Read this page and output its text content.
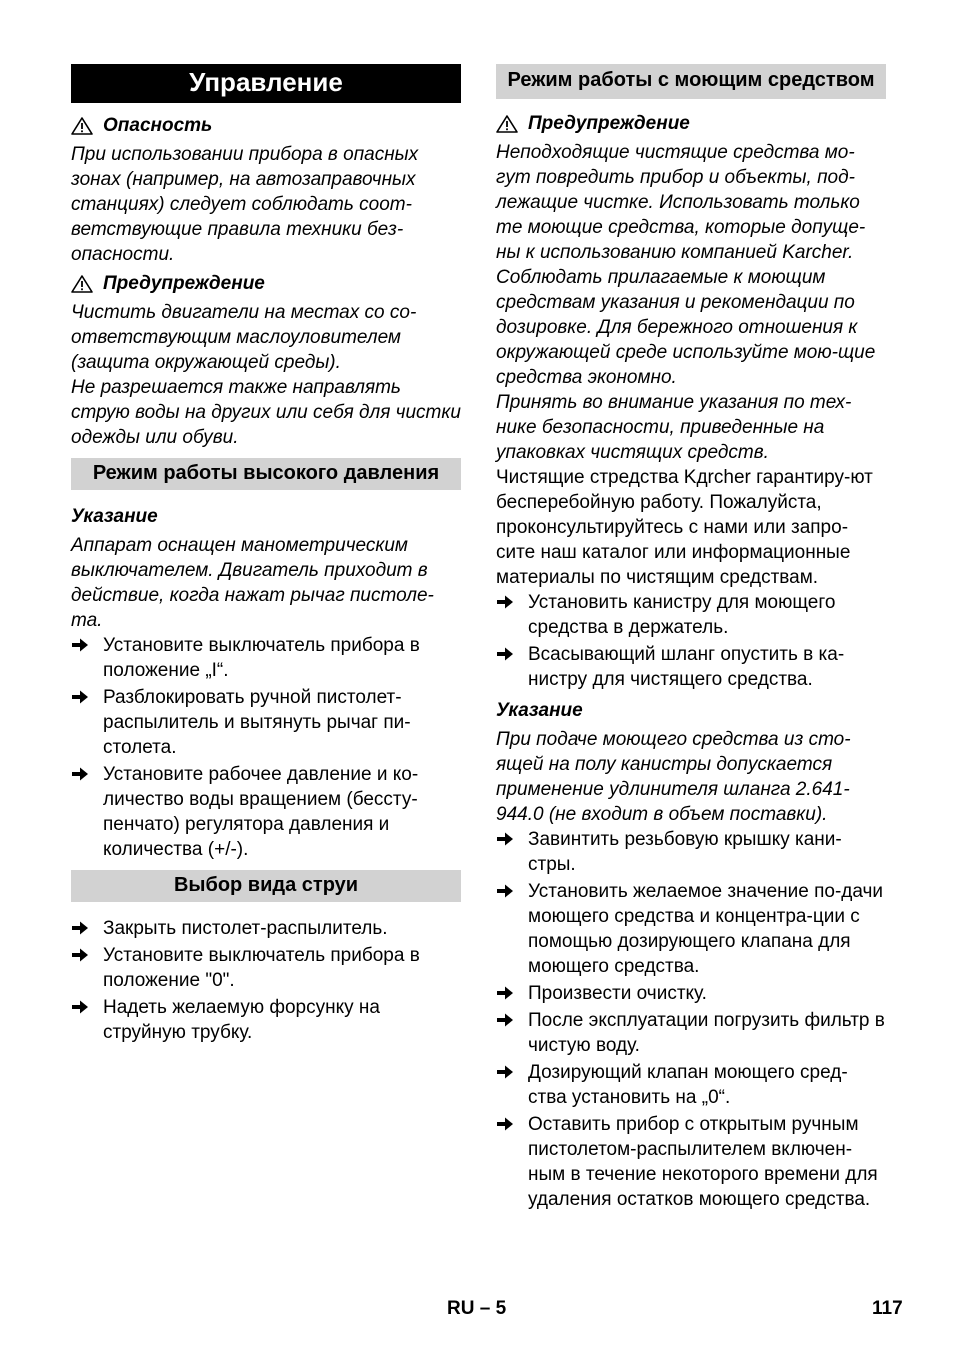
Управление
Опасность

При использовании прибора в опасных зонах (например, на автозаправочных станциях) следует соблюдать соот-ветствующие правила техники без-опасности.

Предупреждение

Чистить двигатели на местах со со-ответствующим маслоуловителем (защита окружающей среды).

Не разрешается также направлять струю воды на других или себя для чистки одежды или обуви.

Режим работы высокого давления
Указание

Аппарат оснащен манометрическим выключателем. Двигатель приходит в действие, когда нажат рычаг пистоле-та.

Установите выключатель прибора в положение „I“.
Разблокировать ручной пистолет-распылитель и вытянуть рычаг пи-столета.
Установите рабочее давление и ко-личество воды вращением (бессту-пенчато) регулятора давления и количества (+/-).
Выбор вида струи
Закрыть пистолет-распылитель.
Установите выключатель прибора в положение "0".
Надеть желаемую форсунку на струйную трубку.
Режим работы с моющим средством
Предупреждение

Неподходящие чистящие средства мо-гут повредить прибор и объекты, под-лежащие чистке. Использовать только те моющие средства, которые допуще-ны к использованию компанией Karcher. Соблюдать прилагаемые к моющим средствам указания и рекомендации по дозировке. Для бережного отношения к окружающей среде используйте мою-щие средства экономно.

Принять во внимание указания по тех-нике безопасности, приведенные на упаковках чистящих средств.

Чистящие стредства Kдrcher гарантиру-ют бесперебойную работу. Пожалуйста, проконсультируйтесь с нами или запро-сите наш каталог или информационные материалы по чистящим средствам.

Установить канистру для моющего средства в держатель.
Всасывающий шланг опустить в ка-нистру для чистящего средства.
Указание

При подаче моющего средства из сто-ящей на полу канистры допускается применение удлинителя шланга 2.641-944.0 (не входит в объем поставки).

Завинтить резьбовую крышку кани-стры.
Установить желаемое значение по-дачи моющего средства и концентра-ции с помощью дозирующего клапана для моющего средства.
Произвести очистку.
После эксплуатации погрузить фильтр в чистую воду.
Дозирующий клапан моющего сред-ства установить на „0“.
Оставить прибор с открытым ручным пистолетом-распылителем включен-ным в течение некоторого времени для удаления остатков моющего средства.
RU – 5	117
